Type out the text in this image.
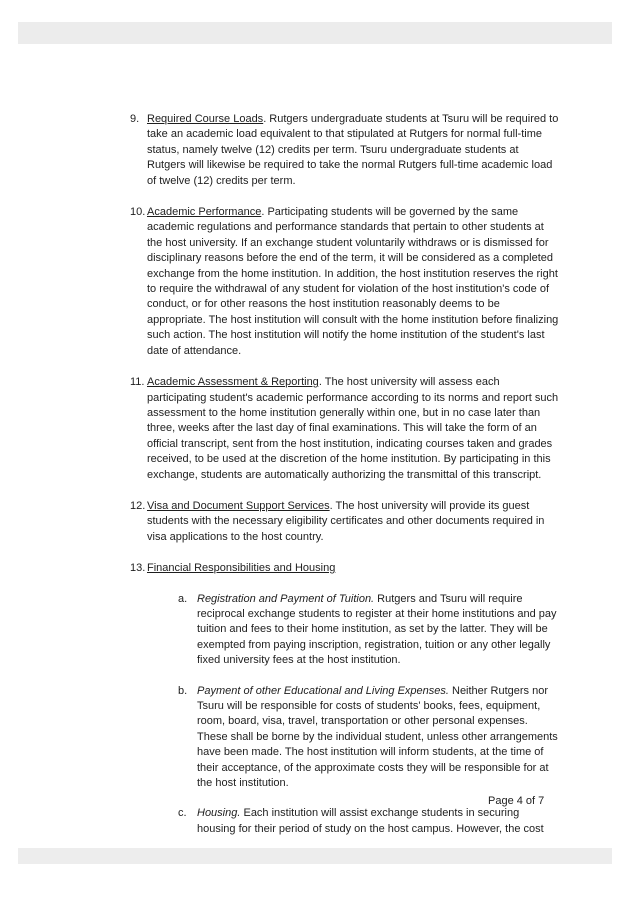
9. Required Course Loads. Rutgers undergraduate students at Tsuru will be required to take an academic load equivalent to that stipulated at Rutgers for normal full-time status, namely twelve (12) credits per term. Tsuru undergraduate students at Rutgers will likewise be required to take the normal Rutgers full-time academic load of twelve (12) credits per term.
10. Academic Performance. Participating students will be governed by the same academic regulations and performance standards that pertain to other students at the host university. If an exchange student voluntarily withdraws or is dismissed for disciplinary reasons before the end of the term, it will be considered as a completed exchange from the home institution. In addition, the host institution reserves the right to require the withdrawal of any student for violation of the host institution's code of conduct, or for other reasons the host institution reasonably deems to be appropriate. The host institution will consult with the home institution before finalizing such action. The host institution will notify the home institution of the student's last date of attendance.
11. Academic Assessment & Reporting. The host university will assess each participating student's academic performance according to its norms and report such assessment to the home institution generally within one, but in no case later than three, weeks after the last day of final examinations. This will take the form of an official transcript, sent from the host institution, indicating courses taken and grades received, to be used at the discretion of the home institution. By participating in this exchange, students are automatically authorizing the transmittal of this transcript.
12. Visa and Document Support Services. The host university will provide its guest students with the necessary eligibility certificates and other documents required in visa applications to the host country.
13. Financial Responsibilities and Housing
a. Registration and Payment of Tuition. Rutgers and Tsuru will require reciprocal exchange students to register at their home institutions and pay tuition and fees to their home institution, as set by the latter. They will be exempted from paying inscription, registration, tuition or any other legally fixed university fees at the host institution.
b. Payment of other Educational and Living Expenses. Neither Rutgers nor Tsuru will be responsible for costs of students' books, fees, equipment, room, board, visa, travel, transportation or other personal expenses. These shall be borne by the individual student, unless other arrangements have been made. The host institution will inform students, at the time of their acceptance, of the approximate costs they will be responsible for at the host institution.
c. Housing. Each institution will assist exchange students in securing housing for their period of study on the host campus. However, the cost
Page 4 of 7
